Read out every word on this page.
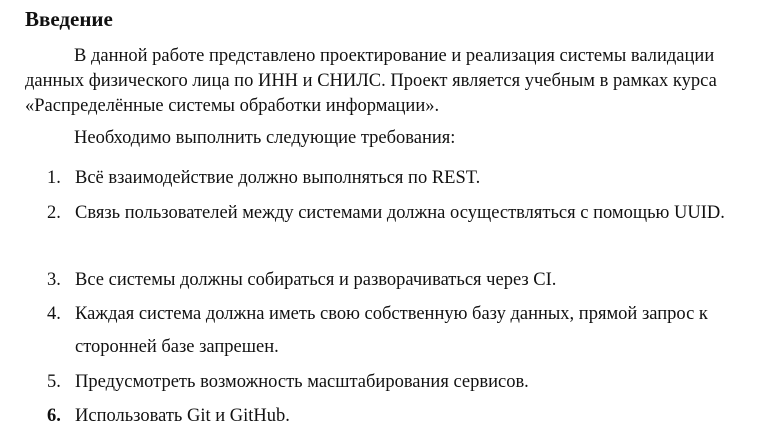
Введение

В данной работе представлено проектирование и реализация системы валидации данных физического лица по ИНН и СНИЛС. Проект является учебным в рамках курса «Распределённые системы обработки информации».

Необходимо выполнить следующие требования:

1. Всё взаимодействие должно выполняться по REST.
2. Связь пользователей между системами должна осуществляться с помощью UUID.
3. Все системы должны собираться и разворачиваться через CI.
4. Каждая система должна иметь свою собственную базу данных, прямой запрос к сторонней базе запрешен.
5. Предусмотреть возможность масштабирования сервисов.
6. Использовать Git и GitHub.
